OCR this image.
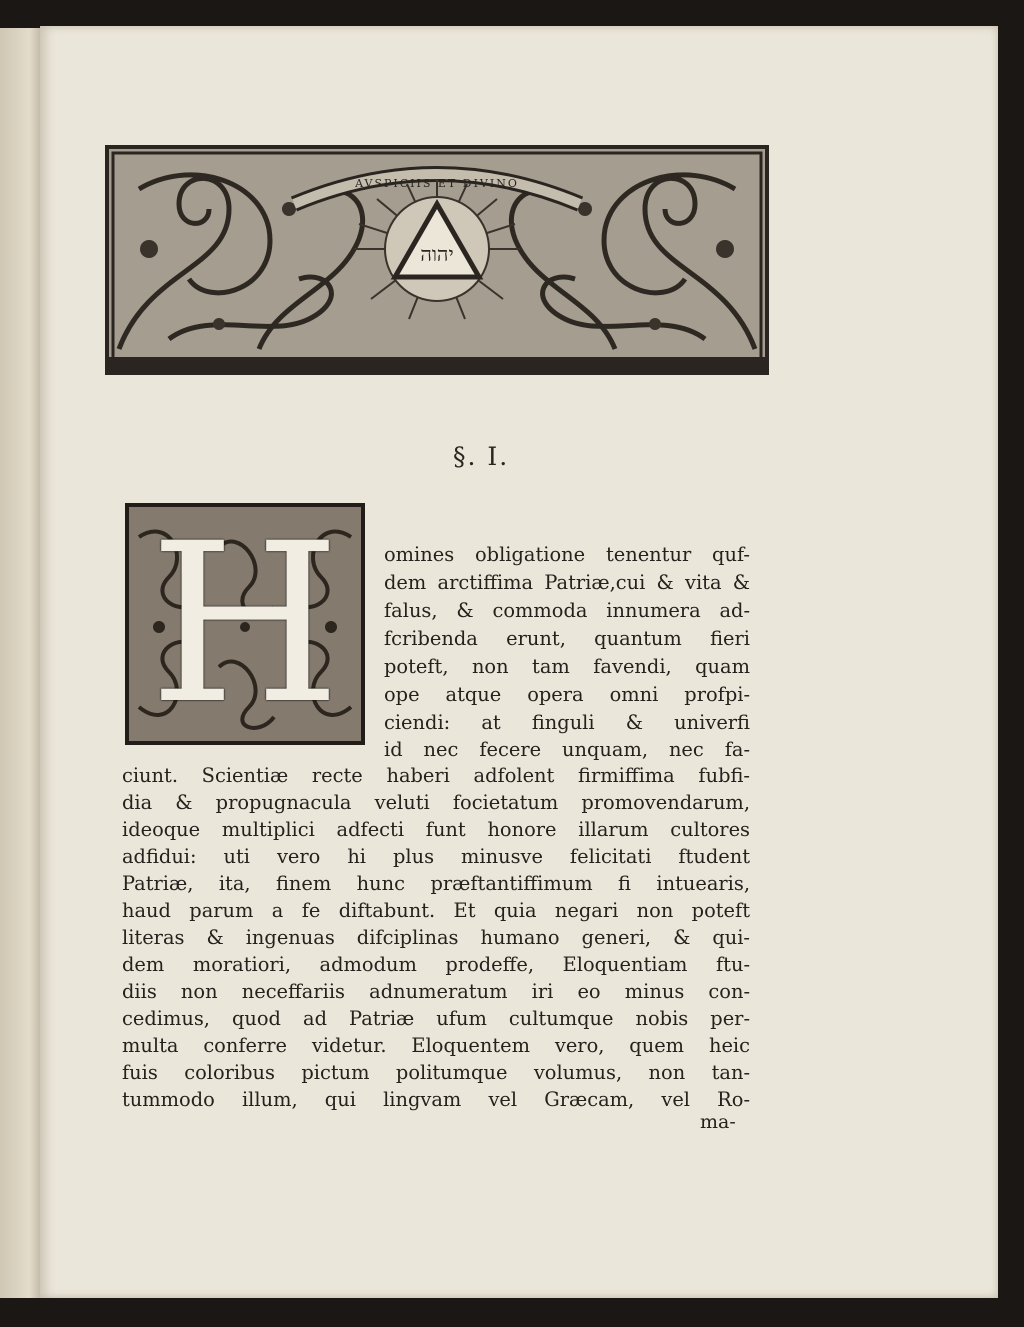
יהוה
AVSPICIIS ET DIVINO
§. I.
H	omines obligatione tenentur quf-
dem arctiffima Patriæ,cui & vita &
falus, & commoda innumera ad-
fcribenda erunt, quantum fieri
poteft, non tam favendi, quam
ope atque opera omni profpi-
ciendi: at finguli & univerfi
id nec fecere unquam, nec fa-
ciunt. Scientiæ recte haberi adfolent firmiffima fubfi-
dia & propugnacula veluti focietatum promovendarum,
ideoque multiplici adfecti funt honore illarum cultores
adfidui: uti vero hi plus minusve felicitati ftudent
Patriæ, ita, finem hunc præftantiffimum fi intuearis,
haud parum a fe diftabunt. Et quia negari non poteft
literas & ingenuas difciplinas humano generi, & qui-
dem moratiori, admodum prodeffe, Eloquentiam ftu-
diis non neceffariis adnumeratum iri eo minus con-
cedimus, quod ad Patriæ ufum cultumque nobis per-
multa conferre videtur. Eloquentem vero, quem heic
fuis coloribus pictum politumque volumus, non tan-
tummodo illum, qui lingvam vel Græcam, vel Ro-
ma-
